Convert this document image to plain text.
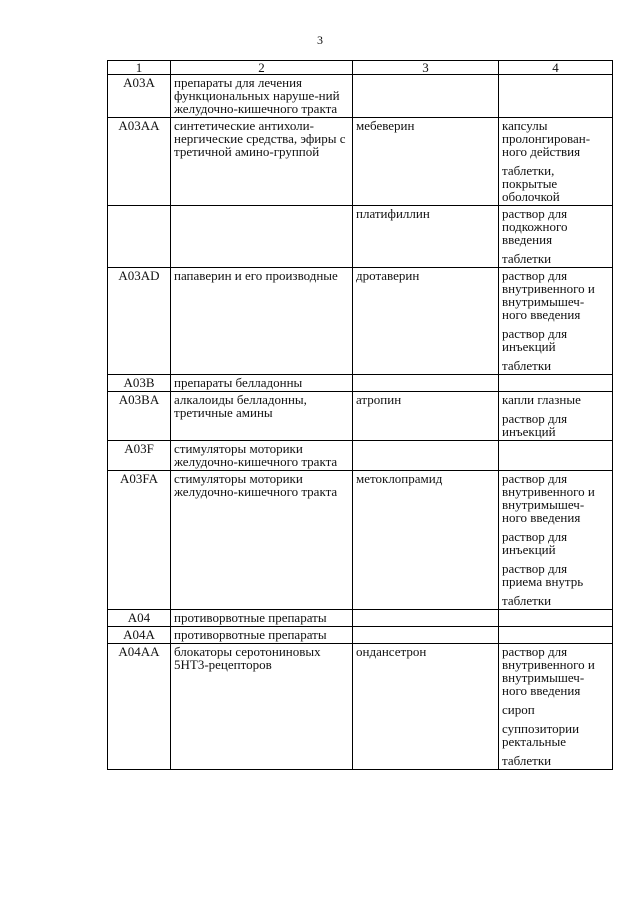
3
1	2	3	4
A03A	препараты для лечения функциональных наруше-ний желудочно-кишечного тракта		
A03AA	синтетические антихоли-нергические средства, эфиры с третичной амино-группой	мебеверин	капсулы пролонгирован-ного действия
таблетки, покрытые оболочкой

		платифиллин	раствор для подкожного введения
таблетки

A03AD	папаверин и его производные	дротаверин	раствор для внутривенного и внутримышеч-ного введения
раствор для инъекций
таблетки

A03B	препараты белладонны		
A03BA	алкалоиды белладонны, третичные амины	атропин	капли глазные
раствор для инъекций

A03F	стимуляторы моторики желудочно-кишечного тракта		
A03FA	стимуляторы моторики желудочно-кишечного тракта	метоклопрамид	раствор для внутривенного и внутримышеч-ного введения
раствор для инъекций
раствор для приема внутрь
таблетки

A04	противорвотные препараты		
A04A	противорвотные препараты		
A04AA	блокаторы серотониновых 5HT3-рецепторов	ондансетрон	раствор для внутривенного и внутримышеч-ного введения
сироп
суппозитории ректальные
таблетки
